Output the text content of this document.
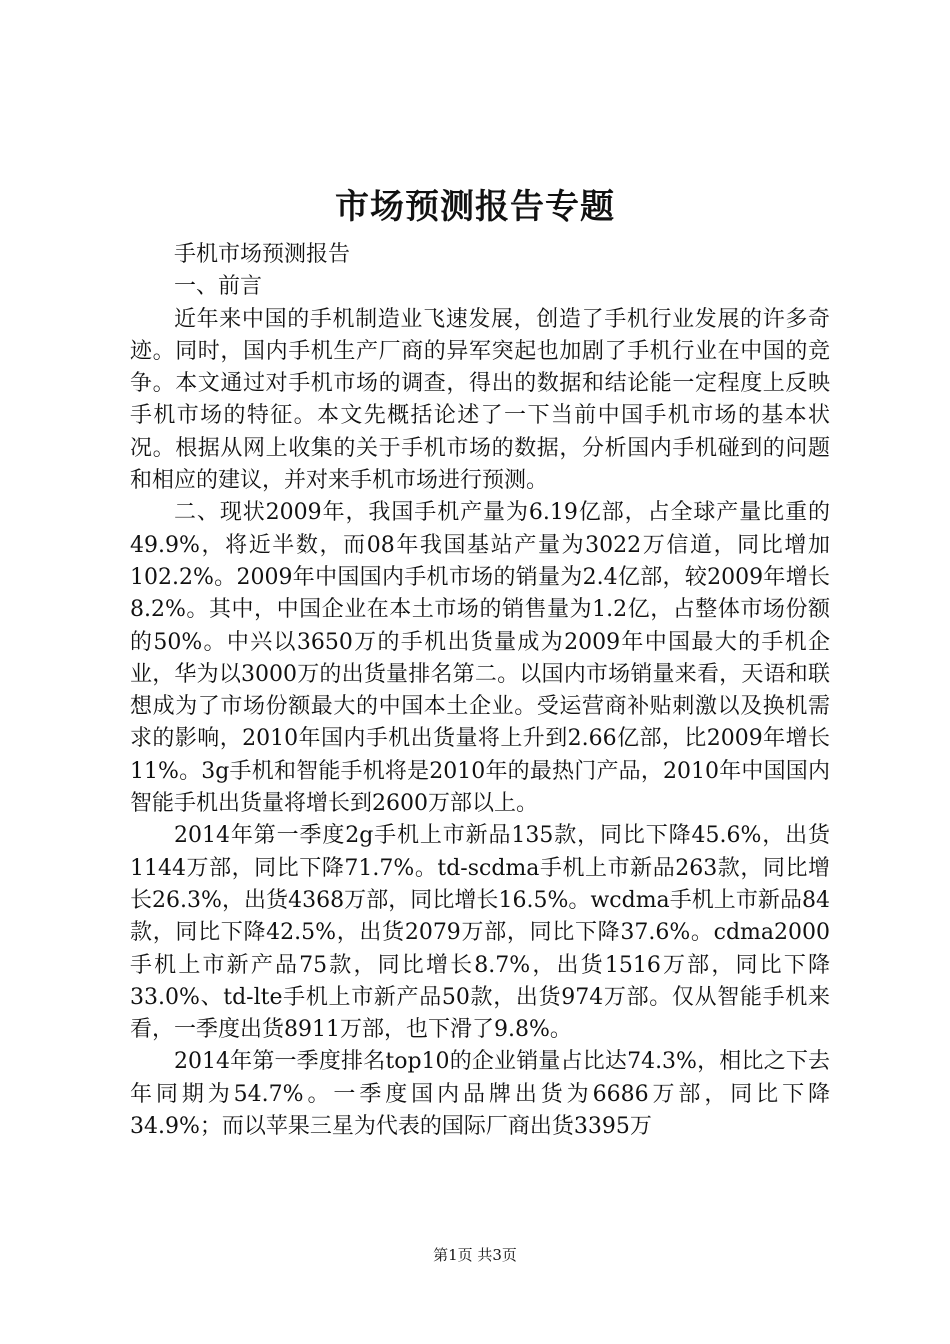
市场预测报告专题

手机市场预测报告

一、前言

近年来中国的手机制造业飞速发展，创造了手机行业发展的许多奇迹。同时，国内手机生产厂商的异军突起也加剧了手机行业在中国的竞争。本文通过对手机市场的调查，得出的数据和结论能一定程度上反映手机市场的特征。本文先概括论述了一下当前中国手机市场的基本状况。根据从网上收集的关于手机市场的数据，分析国内手机碰到的问题和相应的建议，并对来手机市场进行预测。

二、现状2009年，我国手机产量为6.19亿部，占全球产量比重的49.9%，将近半数，而08年我国基站产量为3022万信道，同比增加102.2%。2009年中国国内手机市场的销量为2.4亿部，较2009年增长8.2%。其中，中国企业在本土市场的销售量为1.2亿，占整体市场份额的50%。中兴以3650万的手机出货量成为2009年中国最大的手机企业，华为以3000万的出货量排名第二。以国内市场销量来看，天语和联想成为了市场份额最大的中国本土企业。受运营商补贴刺激以及换机需求的影响，2010年国内手机出货量将上升到2.66亿部，比2009年增长11%。3g手机和智能手机将是2010年的最热门产品，2010年中国国内智能手机出货量将增长到2600万部以上。

2014年第一季度2g手机上市新品135款，同比下降45.6%，出货1144万部，同比下降71.7%。td-scdma手机上市新品263款，同比增长26.3%，出货4368万部，同比增长16.5%。wcdma手机上市新品84款，同比下降42.5%，出货2079万部，同比下降37.6%。cdma2000手机上市新产品75款，同比增长8.7%，出货1516万部，同比下降33.0%、td-lte手机上市新产品50款，出货974万部。仅从智能手机来看，一季度出货8911万部，也下滑了9.8%。

2014年第一季度排名top10的企业销量占比达74.3%，相比之下去年同期为54.7%。一季度国内品牌出货为6686万部，同比下降34.9%；而以苹果三星为代表的国际厂商出货3395万

第1页 共3页
